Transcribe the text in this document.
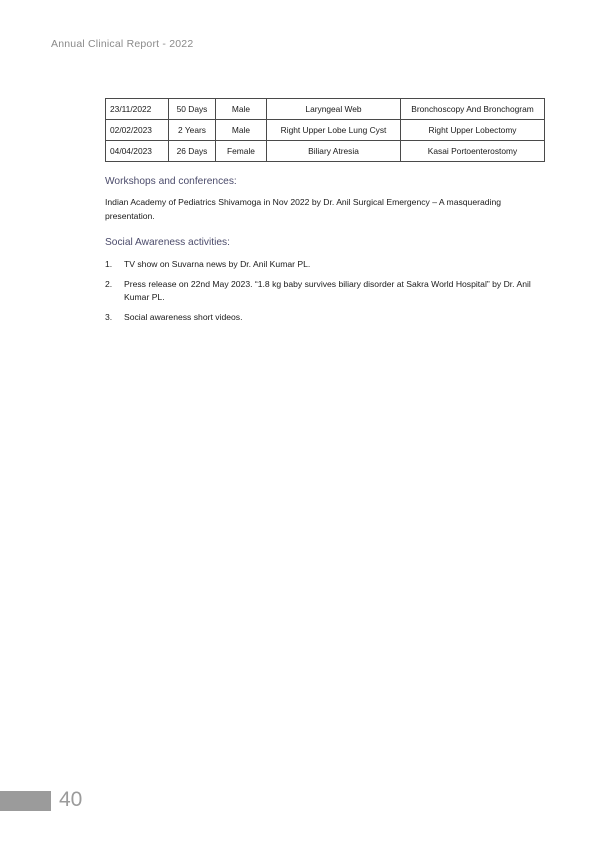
Annual Clinical Report - 2022
23/11/2022	50 Days	Male	Laryngeal Web	Bronchoscopy And Bronchogram
02/02/2023	2 Years	Male	Right Upper Lobe Lung Cyst	Right Upper Lobectomy
04/04/2023	26 Days	Female	Biliary Atresia	Kasai Portoenterostomy
Workshops and conferences:
Indian Academy of Pediatrics Shivamoga in Nov 2022 by Dr. Anil Surgical Emergency – A masquerading presentation.
Social Awareness activities:
1. TV show on Suvarna news by Dr. Anil Kumar PL.
2. Press release on 22nd May 2023. “1.8 kg baby survives biliary disorder at Sakra World Hospital” by Dr. Anil Kumar PL.
3. Social awareness short videos.
40
